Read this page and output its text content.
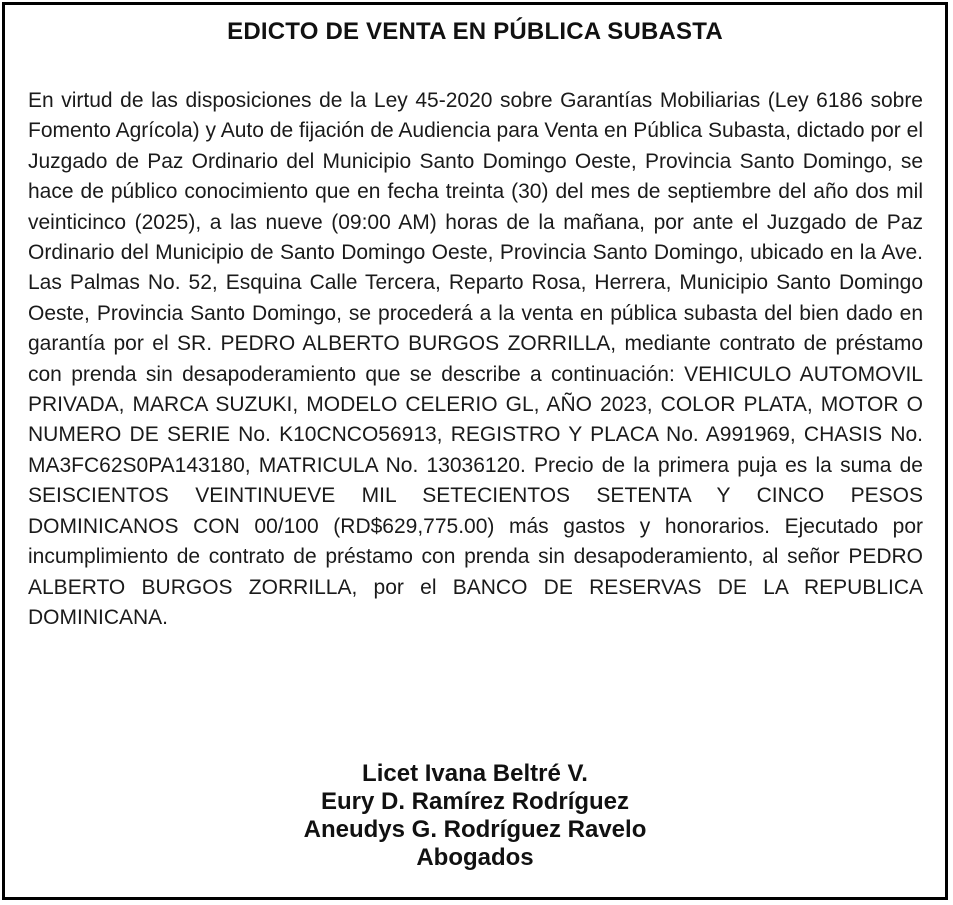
EDICTO DE VENTA EN PÚBLICA SUBASTA

En virtud de las disposiciones de la Ley 45-2020 sobre Garantías Mobiliarias (Ley 6186 sobre Fomento Agrícola) y Auto de fijación de Audiencia para Venta en Pública Subasta, dictado por el Juzgado de Paz Ordinario del Municipio Santo Domingo Oeste, Provincia Santo Domingo, se hace de público conocimiento que en fecha treinta (30) del mes de septiembre del año dos mil veinticinco (2025), a las nueve (09:00 AM) horas de la mañana, por ante el Juzgado de Paz Ordinario del Municipio de Santo Domingo Oeste, Provincia Santo Domingo, ubicado en la Ave. Las Palmas No. 52, Esquina Calle Tercera, Reparto Rosa, Herrera, Municipio Santo Domingo Oeste, Provincia Santo Domingo, se procederá a la venta en pública subasta del bien dado en garantía por el SR. PEDRO ALBERTO BURGOS ZORRILLA, mediante contrato de préstamo con prenda sin desapoderamiento que se describe a continuación: VEHICULO AUTOMOVIL PRIVADA, MARCA SUZUKI, MODELO CELERIO GL, AÑO 2023, COLOR PLATA, MOTOR O NUMERO DE SERIE No. K10CNCO56913, REGISTRO Y PLACA No. A991969, CHASIS No. MA3FC62S0PA143180, MATRICULA No. 13036120. Precio de la primera puja es la suma de SEISCIENTOS VEINTINUEVE MIL SETECIENTOS SETENTA Y CINCO PESOS DOMINICANOS CON 00/100 (RD$629,775.00) más gastos y honorarios. Ejecutado por incumplimiento de contrato de préstamo con prenda sin desapoderamiento, al señor PEDRO ALBERTO BURGOS ZORRILLA, por el BANCO DE RESERVAS DE LA REPUBLICA DOMINICANA.

Licet Ivana Beltré V.
Eury D. Ramírez Rodríguez
Aneudys G. Rodríguez Ravelo
Abogados
